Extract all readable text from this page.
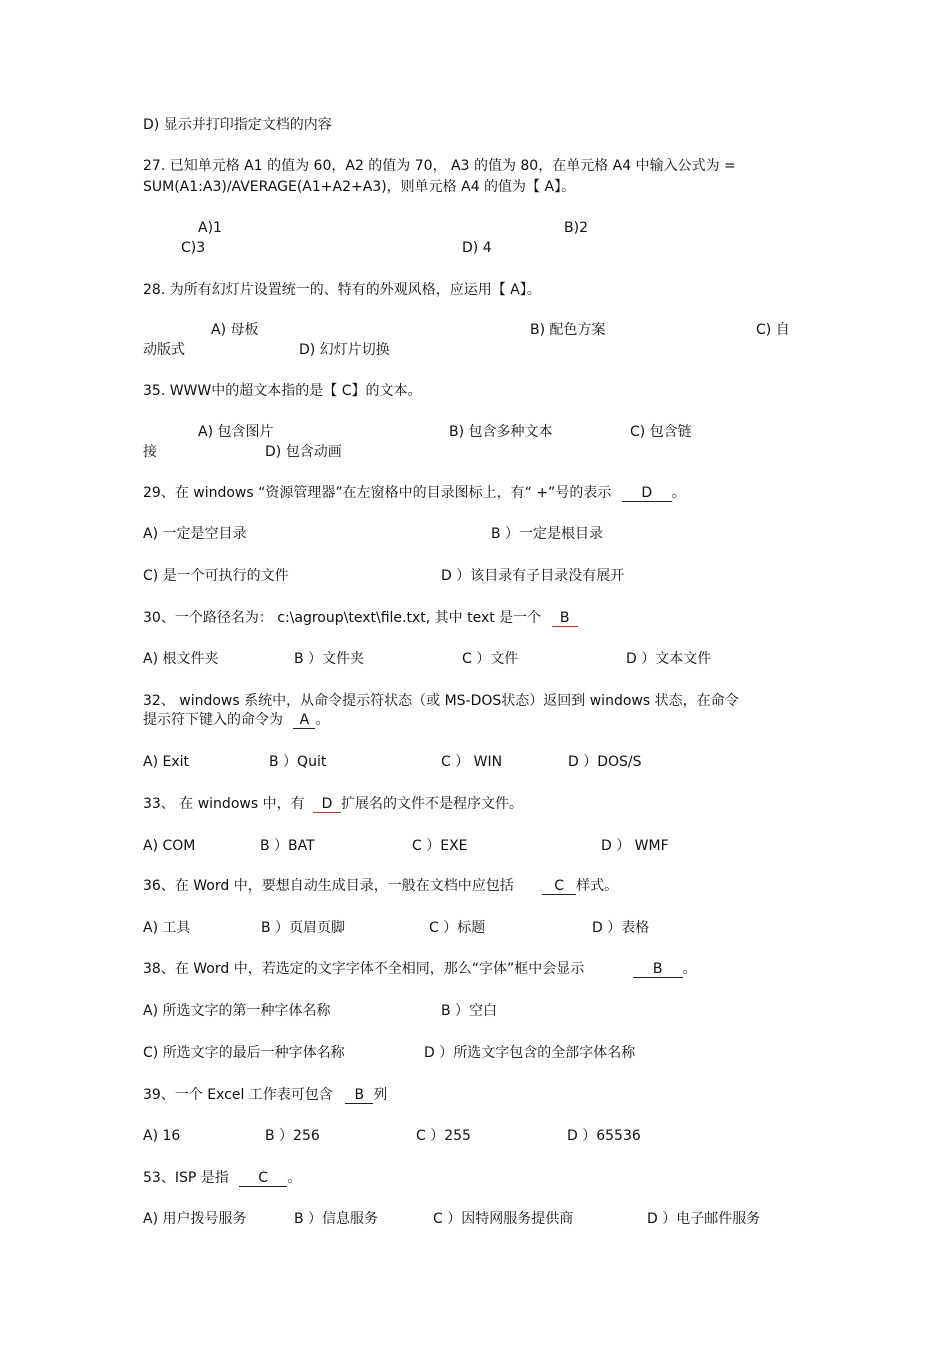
D) 显示并打印指定文档的内容
27. 已知单元格 A1 的值为 60，A2 的值为 70， A3 的值为 80，在单元格 A4 中输入公式为 =
SUM(A1:A3)/AVERAGE(A1+A2+A3)，则单元格 A4 的值为【 A】。
A)1	B)2
C)3	D) 4
28. 为所有幻灯片设置统一的、特有的外观风格，应运用【 A】。
A) 母板	B) 配色方案	C) 自
动版式	D) 幻灯片切换
35. WWW中的超文本指的是【 C】的文本。
A) 包含图片	B) 包含多种文本	C) 包含链
接	D) 包含动画
29、在 windows “资源管理器”在左窗格中的目录图标上，有“ +”号的表示 D 。
A) 一定是空目录	B ）一定是根目录
C) 是一个可执行的文件	D ）该目录有子目录没有展开
30、一个路径名为： c:\agroup\text\file.txt, 其中 text 是一个 B
A) 根文件夹	B ）文件夹	C ）文件	D ）文本文件
32、 windows 系统中，从命令提示符状态（或 MS-DOS状态）返回到 windows 状态，在命令
提示符下键入的命令为 A 。
A) Exit	B ）Quit	C ） WIN	D ）DOS/S
33、 在 windows 中，有 D 扩展名的文件不是程序文件。
A) COM	B ）BAT	C ）EXE	D ） WMF
36、在 Word 中，要想自动生成目录，一般在文档中应包括	C 样式。
A) 工具	B ）页眉页脚	C ）标题	D ）表格
38、在 Word 中，若选定的文字字体不全相同，那么“字体”框中会显示	B 。
A) 所选文字的第一种字体名称	B ）空白
C) 所选文字的最后一种字体名称	D ）所选文字包含的全部字体名称
39、一个 Excel 工作表可包含 B 列
A) 16	B ）256	C ）255	D ）65536
53、ISP 是指 C 。
A) 用户拨号服务	B ）信息服务	C ）因特网服务提供商	D ）电子邮件服务
